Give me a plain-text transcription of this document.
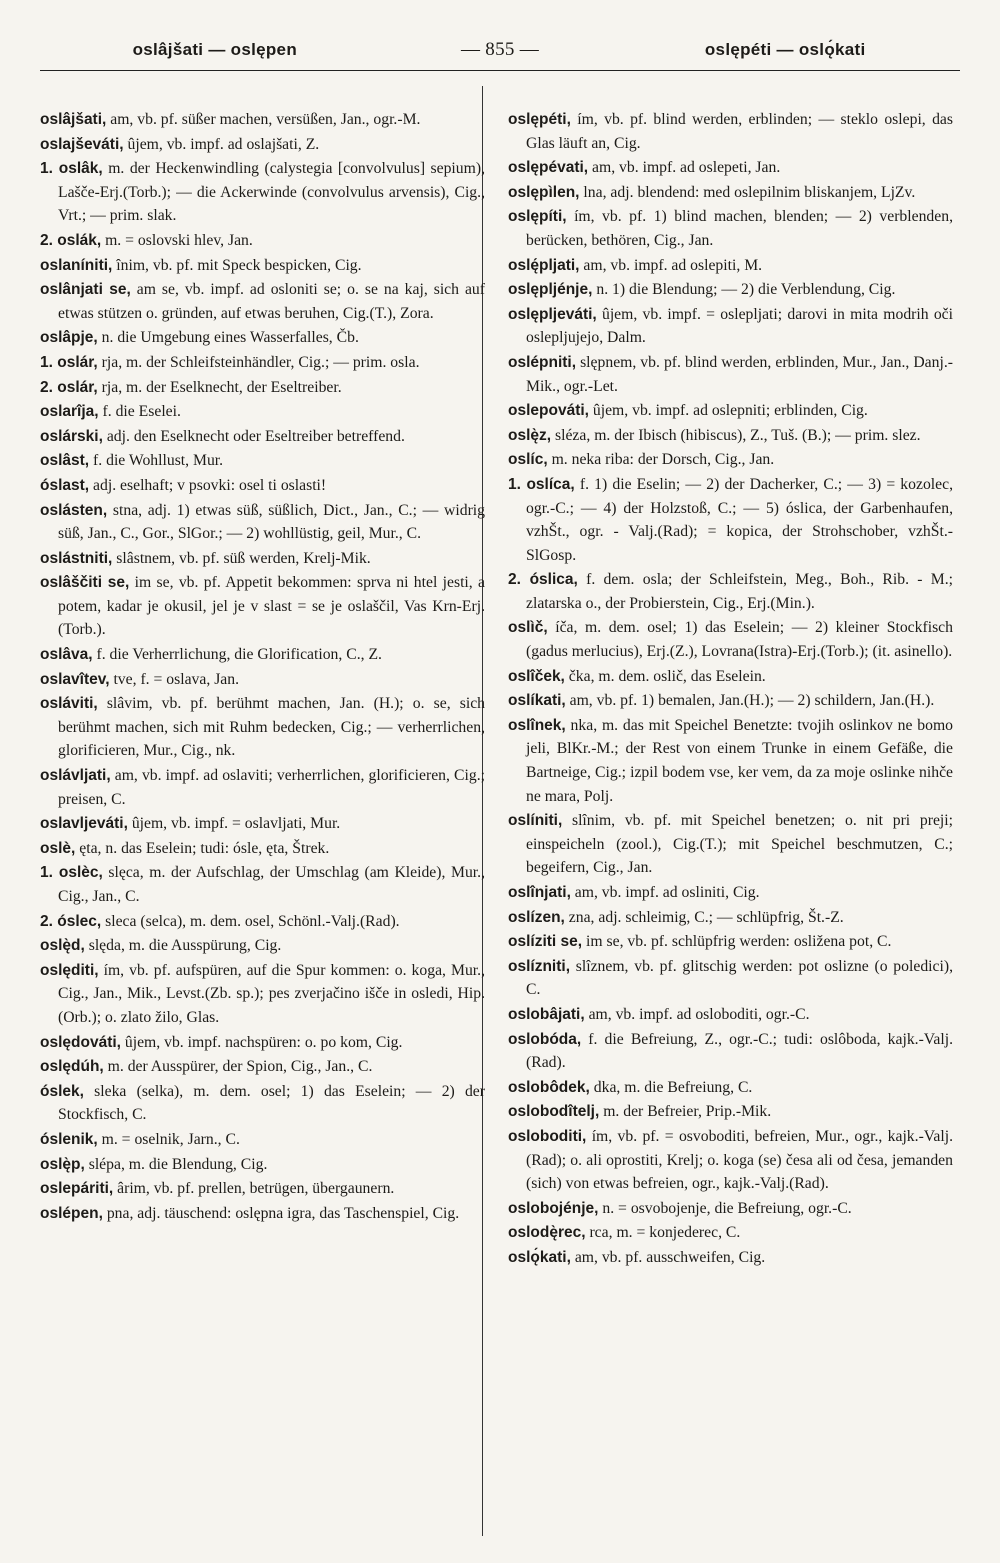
oslâjšati — oslępen	— 855 —	oslępéti — oslǫ́kati
oslâjšati, am, vb. pf. süßer machen, versüßen, Jan., ogr.-M.
oslajševáti, ûjem, vb. impf. ad oslajšati, Z.
1. oslâk, m. der Heckenwindling (calystegia [convolvulus] sepium), Lašče-Erj.(Torb.); — die Ackerwinde (convolvulus arvensis), Cig., Vrt.; — prim. slak.
2. oslák, m. = oslovski hlev, Jan.
oslaníniti, înim, vb. pf. mit Speck bespicken, Cig.
oslânjati se, am se, vb. impf. ad osloniti se; o. se na kaj, sich auf etwas stützen o. gründen, auf etwas beruhen, Cig.(T.), Zora.
oslâpje, n. die Umgebung eines Wasserfalles, Čb.
1. oslár, rja, m. der Schleifsteinhändler, Cig.; — prim. osla.
2. oslár, rja, m. der Eselknecht, der Eseltreiber.
oslarîja, f. die Eselei.
oslárski, adj. den Eselknecht oder Eseltreiber betreffend.
oslâst, f. die Wohllust, Mur.
óslast, adj. eselhaft; v psovki: osel ti oslasti!
oslásten, stna, adj. 1) etwas süß, süßlich, Dict., Jan., C.; — widrig süß, Jan., C., Gor., SlGor.; — 2) wohllüstig, geil, Mur., C.
oslástniti, slâstnem, vb. pf. süß werden, Krelj-Mik.
oslâščiti se, im se, vb. pf. Appetit bekommen: sprva ni htel jesti, a potem, kadar je okusil, jel je v slast = se je oslaščil, Vas Krn-Erj.(Torb.).
oslâva, f. die Verherrlichung, die Glorification, C., Z.
oslavîtev, tve, f. = oslava, Jan.
osláviti, slâvim, vb. pf. berühmt machen, Jan. (H.); o. se, sich berühmt machen, sich mit Ruhm bedecken, Cig.; — verherrlichen, glorificieren, Mur., Cig., nk.
oslávljati, am, vb. impf. ad oslaviti; verherrlichen, glorificieren, Cig.; preisen, C.
oslavljeváti, ûjem, vb. impf. = oslavljati, Mur.
oslè, ęta, n. das Eselein; tudi: ósle, ęta, Štrek.
1. oslèc, slęca, m. der Aufschlag, der Umschlag (am Kleide), Mur., Cig., Jan., C.
2. óslec, sleca (selca), m. dem. osel, Schönl.-Valj.(Rad).
oslę̀d, slęda, m. die Ausspürung, Cig.
oslęditi, ím, vb. pf. aufspüren, auf die Spur kommen: o. koga, Mur., Cig., Jan., Mik., Levst.(Zb. sp.); pes zverjačino išče in osledi, Hip.(Orb.); o. zlato žilo, Glas.
oslędováti, ûjem, vb. impf. nachspüren: o. po kom, Cig.
oslędúh, m. der Ausspürer, der Spion, Cig., Jan., C.
óslek, sleka (selka), m. dem. osel; 1) das Eselein; — 2) der Stockfisch, C.
óslenik, m. = oselnik, Jarn., C.
oslę̀p, slépa, m. die Blendung, Cig.
oslepáriti, ârim, vb. pf. prellen, betrügen, übergaunern.
oslépen, pna, adj. täuschend: oslępna igra, das Taschenspiel, Cig.
oslępéti, ím, vb. pf. blind werden, erblinden; — steklo oslepi, das Glas läuft an, Cig.
oslępévati, am, vb. impf. ad oslepeti, Jan.
oslępìlen, lna, adj. blendend: med oslepilnim bliskanjem, LjZv.
oslępíti, ím, vb. pf. 1) blind machen, blenden; — 2) verblenden, berücken, bethören, Cig., Jan.
oslę́pljati, am, vb. impf. ad oslepiti, M.
oslępljénje, n. 1) die Blendung; — 2) die Verblendung, Cig.
oslępljeváti, ûjem, vb. impf. = oslepljati; darovi in mita modrih oči oslepljujejo, Dalm.
oslépniti, slępnem, vb. pf. blind werden, erblinden, Mur., Jan., Danj.-Mik., ogr.-Let.
oslepováti, ûjem, vb. impf. ad oslepniti; erblinden, Cig.
oslę̀z, sléza, m. der Ibisch (hibiscus), Z., Tuš. (B.); — prim. slez.
oslíc, m. neka riba: der Dorsch, Cig., Jan.
1. oslíca, f. 1) die Eselin; — 2) der Dacherker, C.; — 3) = kozolec, ogr.-C.; — 4) der Holzstoß, C.; — 5) óslica, der Garbenhaufen, vzhŠt., ogr. - Valj.(Rad); = kopica, der Strohschober, vzhŠt.-SlGosp.
2. óslica, f. dem. osla; der Schleifstein, Meg., Boh., Rib. - M.; zlatarska o., der Probierstein, Cig., Erj.(Min.).
oslìč, íča, m. dem. osel; 1) das Eselein; — 2) kleiner Stockfisch (gadus merlucius), Erj.(Z.), Lovrana(Istra)-Erj.(Torb.); (it. asinello).
oslîček, čka, m. dem. oslič, das Eselein.
oslíkati, am, vb. pf. 1) bemalen, Jan.(H.); — 2) schildern, Jan.(H.).
oslînek, nka, m. das mit Speichel Benetzte: tvojih oslinkov ne bomo jeli, BlKr.-M.; der Rest von einem Trunke in einem Gefäße, die Bartneige, Cig.; izpil bodem vse, ker vem, da za moje oslinke nihče ne mara, Polj.
oslíniti, slînim, vb. pf. mit Speichel benetzen; o. nit pri preji; einspeicheln (zool.), Cig.(T.); mit Speichel beschmutzen, C.; begeifern, Cig., Jan.
oslînjati, am, vb. impf. ad osliniti, Cig.
oslízen, zna, adj. schleimig, C.; — schlüpfrig, Št.-Z.
oslíziti se, im se, vb. pf. schlüpfrig werden: osližena pot, C.
oslízniti, slîznem, vb. pf. glitschig werden: pot oslizne (o poledici), C.
oslobâjati, am, vb. impf. ad osloboditi, ogr.-C.
oslobóda, f. die Befreiung, Z., ogr.-C.; tudi: oslôboda, kajk.-Valj.(Rad).
oslobôdek, dka, m. die Befreiung, C.
oslobodîtelj, m. der Befreier, Prip.-Mik.
osloboditi, ím, vb. pf. = osvoboditi, befreien, Mur., ogr., kajk.-Valj.(Rad); o. ali oprostiti, Krelj; o. koga (se) česa ali od česa, jemanden (sich) von etwas befreien, ogr., kajk.-Valj.(Rad).
oslobojénje, n. = osvobojenje, die Befreiung, ogr.-C.
oslodę̀rec, rca, m. = konjederec, C.
oslǫ́kati, am, vb. pf. ausschweifen, Cig.
